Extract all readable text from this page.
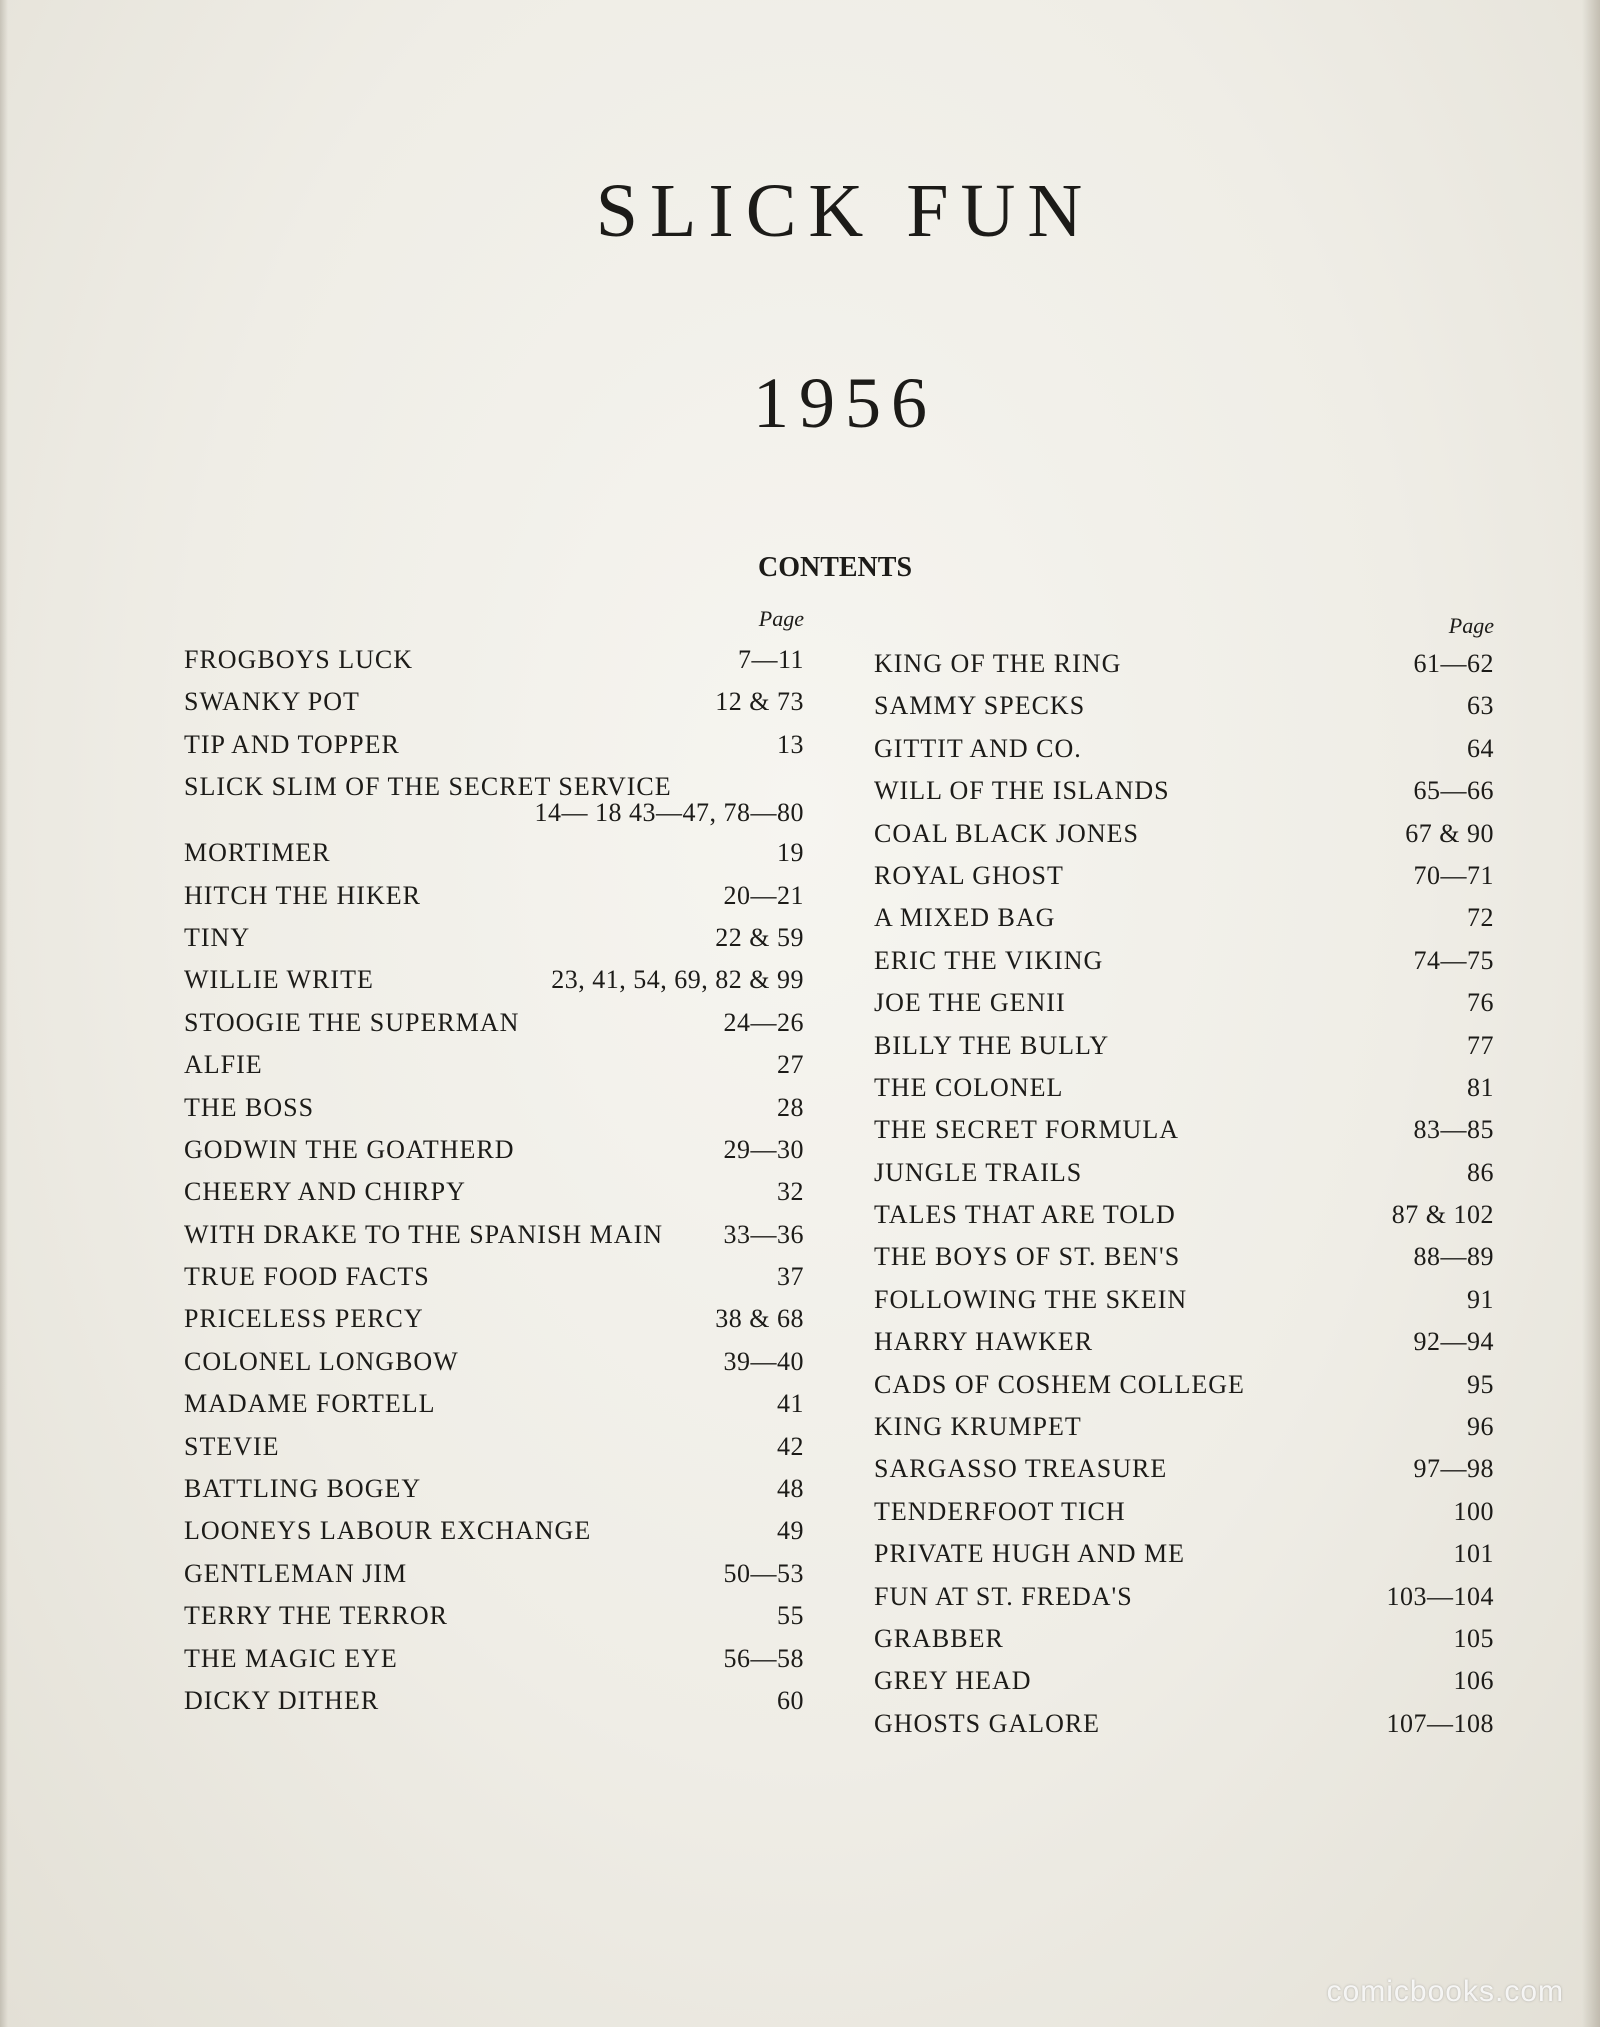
SLICK FUN
1956
CONTENTS
Page	Page
FROGBOYS LUCK	7—11
SWANKY POT	12 & 73
TIP AND TOPPER	13
SLICK SLIM OF THE SECRET SERVICE
14— 18 43—47, 78—80
MORTIMER	19
HITCH THE HIKER	20—21
TINY	22 & 59
WILLIE WRITE	23, 41, 54, 69, 82 & 99
STOOGIE THE SUPERMAN	24—26
ALFIE	27
THE BOSS	28
GODWIN THE GOATHERD	29—30
CHEERY AND CHIRPY	32
WITH DRAKE TO THE SPANISH MAIN 33—36
TRUE FOOD FACTS	37
PRICELESS PERCY	38 & 68
COLONEL LONGBOW	39—40
MADAME FORTELL	41
STEVIE	42
BATTLING BOGEY	48
LOONEYS LABOUR EXCHANGE	49
GENTLEMAN JIM	50—53
TERRY THE TERROR	55
THE MAGIC EYE	56—58
DICKY DITHER	60
KING OF THE RING	61—62
SAMMY SPECKS	63
GITTIT AND CO.	64
WILL OF THE ISLANDS	65—66
COAL BLACK JONES	67 & 90
ROYAL GHOST	70—71
A MIXED BAG	72
ERIC THE VIKING	74—75
JOE THE GENII	76
BILLY THE BULLY	77
THE COLONEL	81
THE SECRET FORMULA	83—85
JUNGLE TRAILS	86
TALES THAT ARE TOLD	87 & 102
THE BOYS OF ST. BEN'S	88—89
FOLLOWING THE SKEIN	91
HARRY HAWKER	92—94
CADS OF COSHEM COLLEGE	95
KING KRUMPET	96
SARGASSO TREASURE	97—98
TENDERFOOT TICH	100
PRIVATE HUGH AND ME	101
FUN AT ST. FREDA'S	103—104
GRABBER	105
GREY HEAD	106
GHOSTS GALORE	107—108
comicbooks.com
